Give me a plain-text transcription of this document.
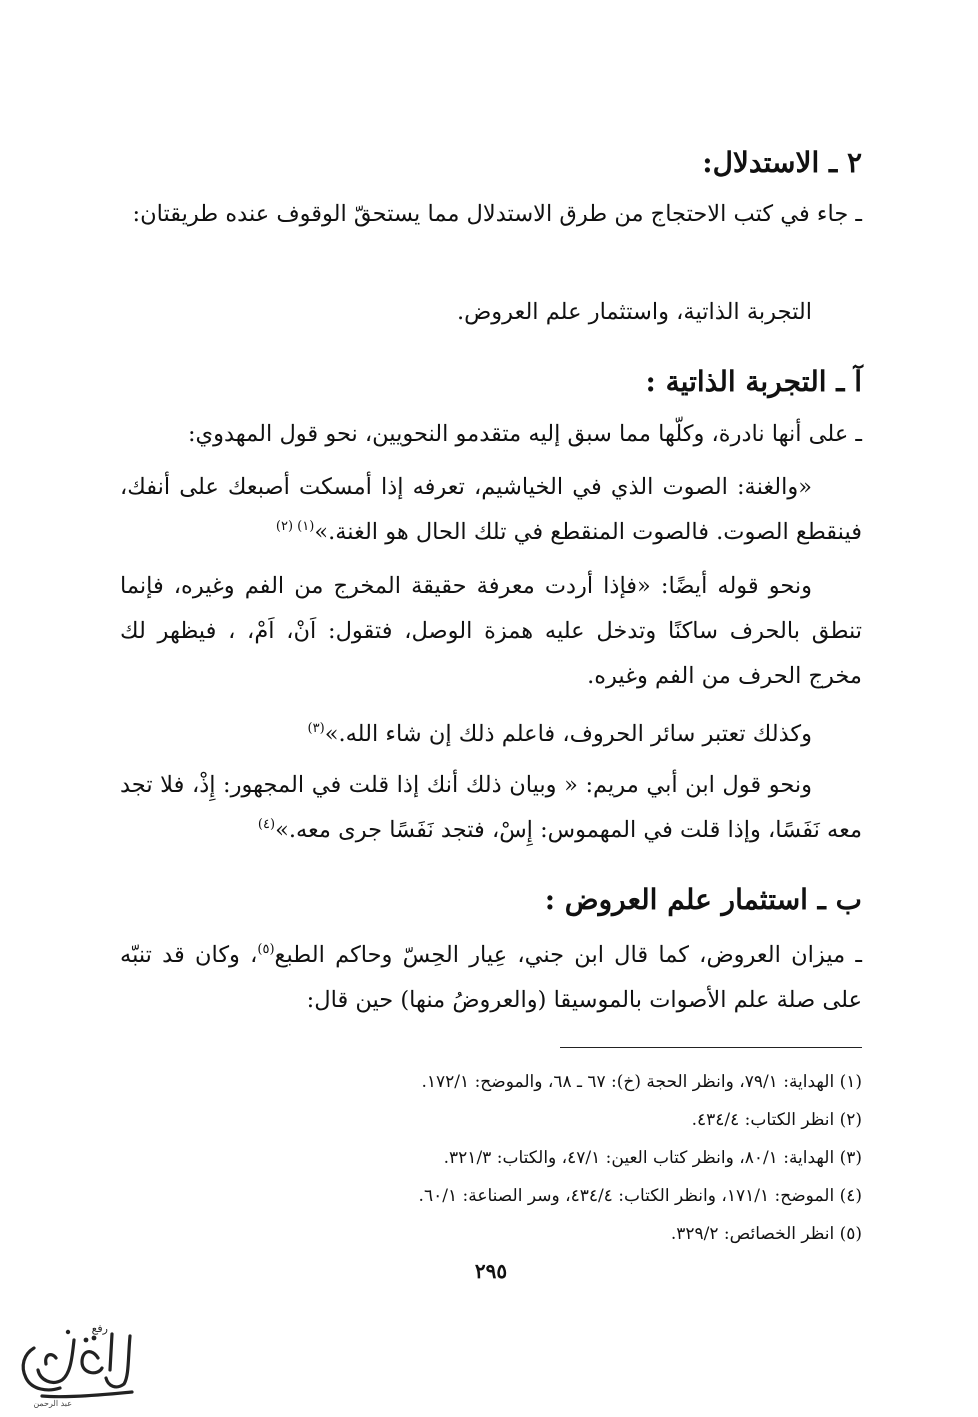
٢ ـ الاستدلال:
ـ جاء في كتب الاحتجاج من طرق الاستدلال مما يستحقّ الوقوف عنده طريقتان:
التجربة الذاتية، واستثمار علم العروض.
آ ـ التجربة الذاتية :
ـ على أنها نادرة، وكلّها مما سبق إليه متقدمو النحويين، نحو قول المهدوي:
«والغنة: الصوت الذي في الخياشيم، تعرفه إذا أمسكت أصبعك على أنفك، فينقطع الصوت. فالصوت المنقطع في تلك الحال هو الغنة.»$^{(١) (٢)}$
ونحو قوله أيضًا: «فإذا أردت معرفة حقيقة المخرج من الفم وغيره، فإنما تنطق بالحرف ساكنًا وتدخل عليه همزة الوصل، فتقول: اَنْ، اَمْ، ، فيظهر لك مخرج الحرف من الفم وغيره.
وكذلك تعتبر سائر الحروف، فاعلم ذلك إن شاء الله.»$^{(٣)}$
ونحو قول ابن أبي مريم: « وبيان ذلك أنك إذا قلت في المجهور: إِذْ، فلا تجد معه نَفَسًا، وإذا قلت في المهموس: إِسْ، فتجد نَفَسًا جرى معه.»$^{(٤)}$
ب ـ استثمار علم العروض :
ـ ميزان العروض، كما قال ابن جني، عِيار الحِسّ وحاكم الطبع$^{(٥)}$، وكان قد تنبّه على صلة علم الأصوات بالموسيقا (والعروضُ منها) حين قال:
(١) الهداية: ٧٩/١، وانظر الحجة (خ): ٦٧ ـ ٦٨، والموضح: ١٧٢/١.
(٢) انظر الكتاب: ٤٣٤/٤.
(٣) الهداية: ٨٠/١، وانظر كتاب العين: ٤٧/١، والكتاب: ٣٢١/٣.
(٤) الموضح: ١٧١/١، وانظر الكتاب: ٤٣٤/٤، وسر الصناعة: ٦٠/١.
(٥) انظر الخصائص: ٣٢٩/٢.
٢٩٥
رفع
عبد الرحمن
